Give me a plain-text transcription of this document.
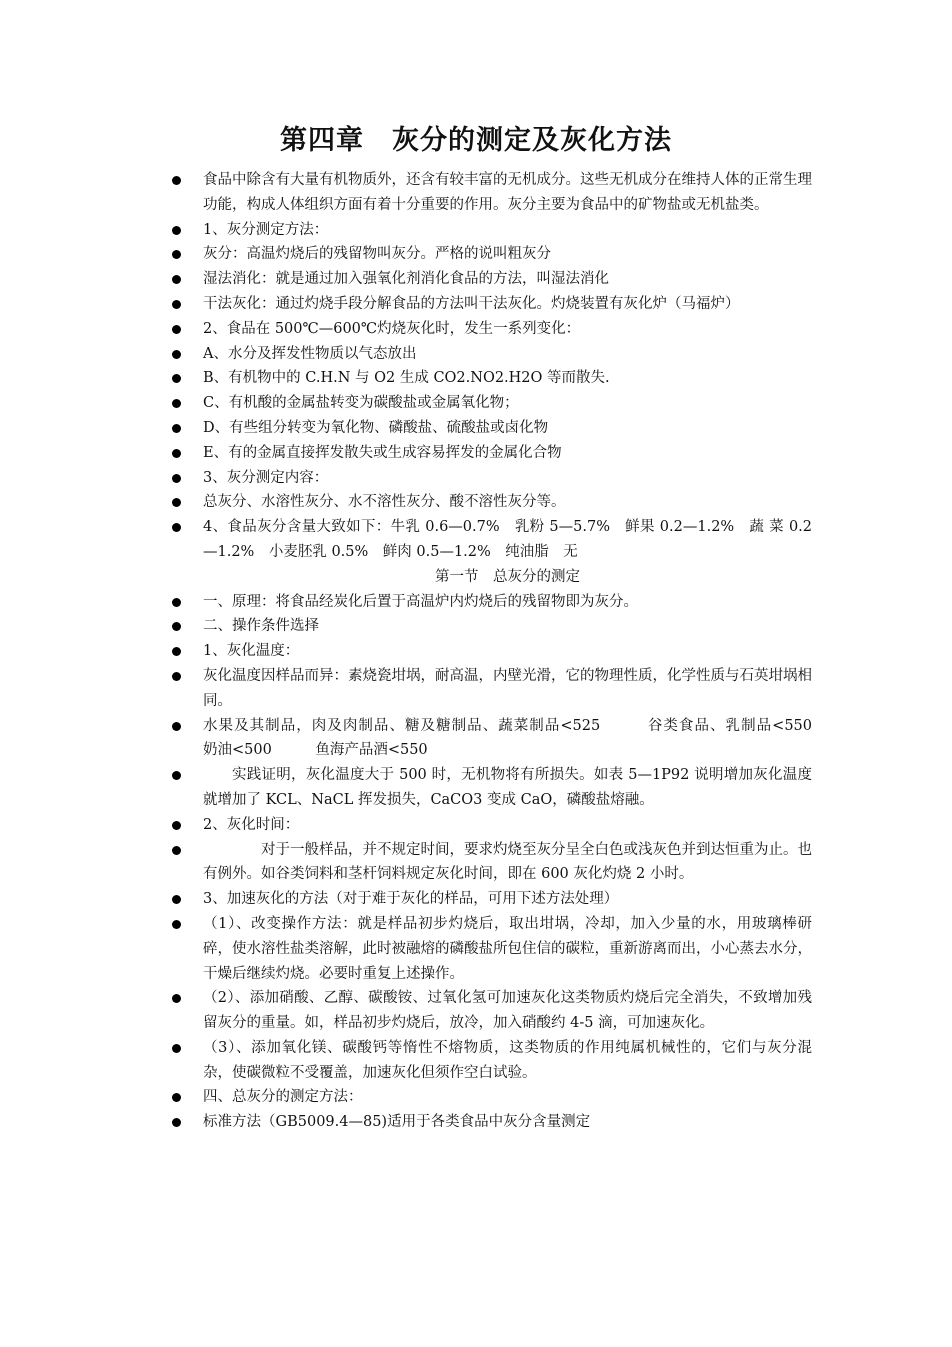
第四章　灰分的测定及灰化方法
食品中除含有大量有机物质外，还含有较丰富的无机成分。这些无机成分在维持人体的正常生理功能，构成人体组织方面有着十分重要的作用。灰分主要为食品中的矿物盐或无机盐类。
1、灰分测定方法：
灰分：高温灼烧后的残留物叫灰分。严格的说叫粗灰分
湿法消化：就是通过加入强氧化剂消化食品的方法，叫湿法消化
干法灰化：通过灼烧手段分解食品的方法叫干法灰化。灼烧装置有灰化炉（马福炉）
2、食品在 500℃—600℃灼烧灰化时，发生一系列变化：
A、水分及挥发性物质以气态放出
B、有机物中的 C.H.N 与 O2 生成 CO2.NO2.H2O 等而散失.
C、有机酸的金属盐转变为碳酸盐或金属氧化物；
D、有些组分转变为氧化物、磷酸盐、硫酸盐或卤化物
E、有的金属直接挥发散失或生成容易挥发的金属化合物
3、灰分测定内容：
总灰分、水溶性灰分、水不溶性灰分、酸不溶性灰分等。
4、食品灰分含量大致如下：牛乳 0.6—0.7%　乳粉 5—5.7%　鲜果 0.2—1.2%　蔬 菜 0.2—1.2%　小麦胚乳 0.5%　鲜肉 0.5—1.2%　纯油脂　无
第一节　总灰分的测定
一、原理：将食品经炭化后置于高温炉内灼烧后的残留物即为灰分。
二、操作条件选择
1、灰化温度：
灰化温度因样品而异：素烧瓷坩埚，耐高温，内壁光滑，它的物理性质，化学性质与石英坩埚相同。
水果及其制品，肉及肉制品、糖及糖制品、蔬菜制品<525　　　谷类食品、乳制品<550　　　奶油<500　　　鱼海产品酒<550
实践证明，灰化温度大于 500 时，无机物将有所损失。如表 5—1P92 说明增加灰化温度就增加了 KCL、NaCL 挥发损失，CaCO3 变成 CaO，磷酸盐熔融。
2、灰化时间：
对于一般样品，并不规定时间，要求灼烧至灰分呈全白色或浅灰色并到达恒重为止。也有例外。如谷类饲料和茎杆饲料规定灰化时间，即在 600 灰化灼烧 2 小时。
3、加速灰化的方法（对于难于灰化的样品，可用下述方法处理）
（1）、改变操作方法：就是样品初步灼烧后，取出坩埚，冷却，加入少量的水，用玻璃棒研碎，使水溶性盐类溶解，此时被融熔的磷酸盐所包住信的碳粒，重新游离而出，小心蒸去水分，干燥后继续灼烧。必要时重复上述操作。
（2）、添加硝酸、乙醇、碳酸铵、过氧化氢可加速灰化这类物质灼烧后完全消失，不致增加残留灰分的重量。如，样品初步灼烧后，放冷，加入硝酸约 4-5 滴，可加速灰化。
（3）、添加氧化镁、碳酸钙等惰性不熔物质，这类物质的作用纯属机械性的，它们与灰分混杂，使碳微粒不受覆盖，加速灰化但须作空白试验。
四、总灰分的测定方法：
标准方法（GB5009.4—85)适用于各类食品中灰分含量测定
